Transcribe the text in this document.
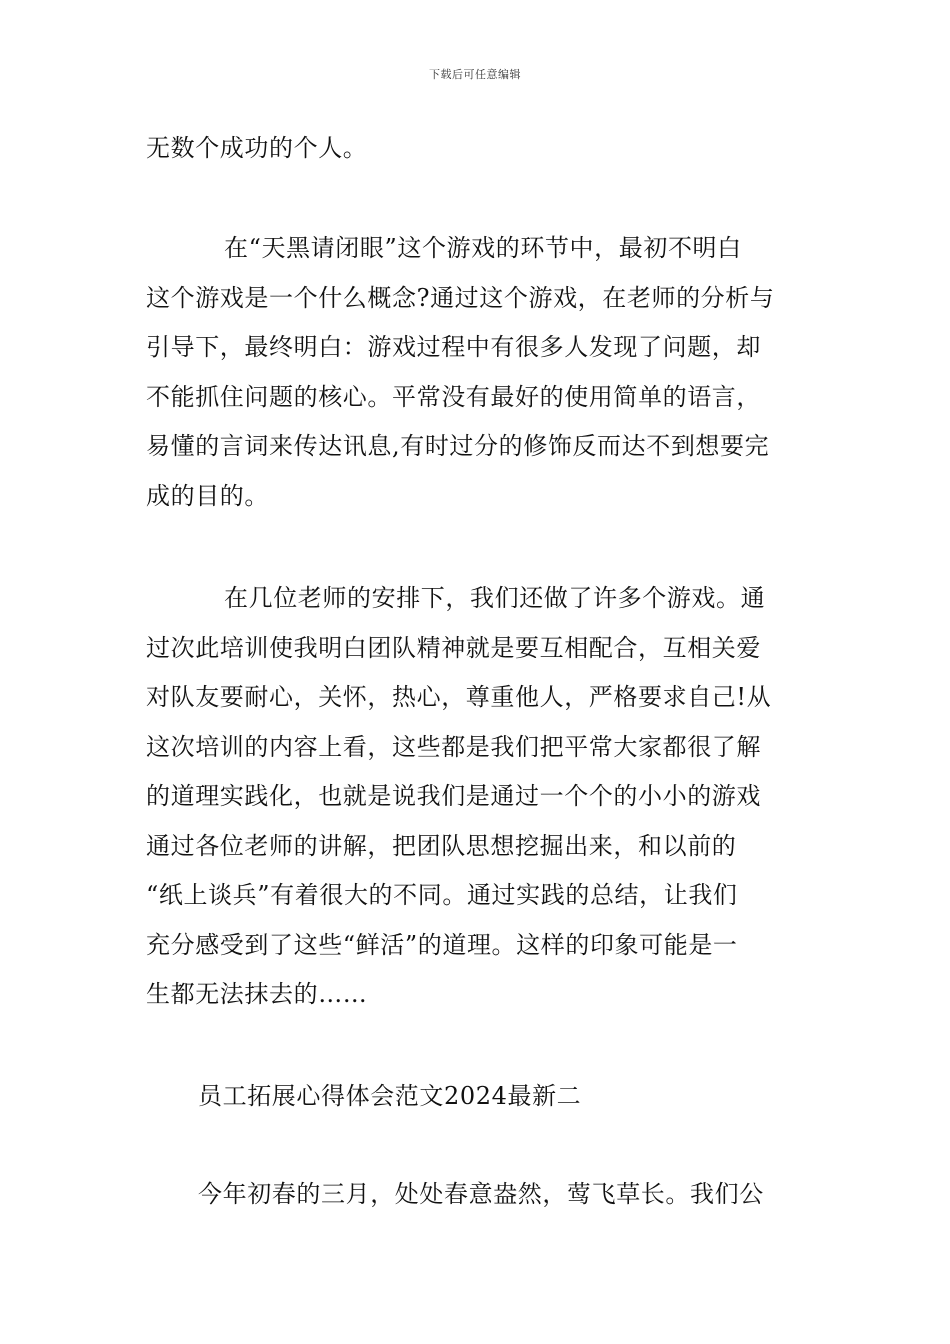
下载后可任意编辑
无数个成功的个人。
在“天黑请闭眼”这个游戏的环节中，最初不明白
这个游戏是一个什么概念?通过这个游戏，在老师的分析与
引导下，最终明白：游戏过程中有很多人发现了问题，却
不能抓住问题的核心。平常没有最好的使用简单的语言，
易懂的言词来传达讯息,有时过分的修饰反而达不到想要完
成的目的。
在几位老师的安排下，我们还做了许多个游戏。通
过次此培训使我明白团队精神就是要互相配合，互相关爱
对队友要耐心，关怀，热心，尊重他人，严格要求自己!从
这次培训的内容上看，这些都是我们把平常大家都很了解
的道理实践化，也就是说我们是通过一个个的小小的游戏
通过各位老师的讲解，把团队思想挖掘出来，和以前的
“纸上谈兵”有着很大的不同。通过实践的总结，让我们
充分感受到了这些“鲜活”的道理。这样的印象可能是一
生都无法抹去的……
员工拓展心得体会范文2024最新二
今年初春的三月，处处春意盎然，莺飞草长。我们公
